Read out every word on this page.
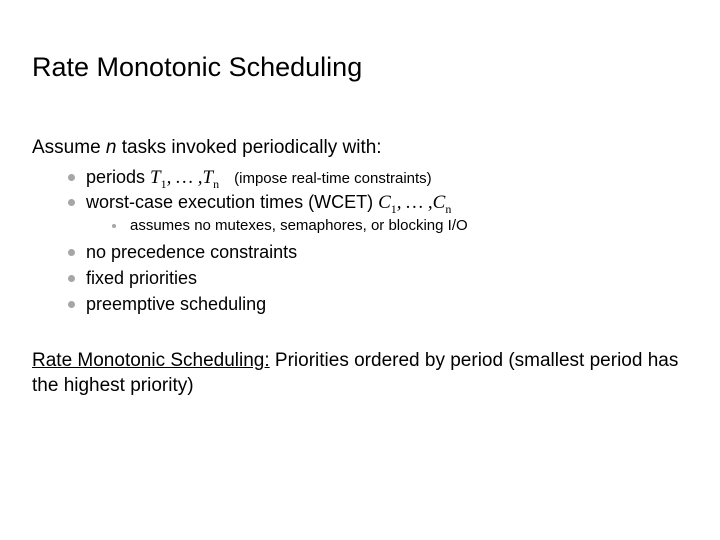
Rate Monotonic Scheduling
Assume n tasks invoked periodically with:
periods $T_1$, … $,T_n$ (impose real-time constraints)
worst-case execution times (WCET) $C_1$, … $,C_n$
assumes no mutexes, semaphores, or blocking I/O
no precedence constraints
fixed priorities
preemptive scheduling
Rate Monotonic Scheduling: Priorities ordered by period (smallest period has the highest priority)
